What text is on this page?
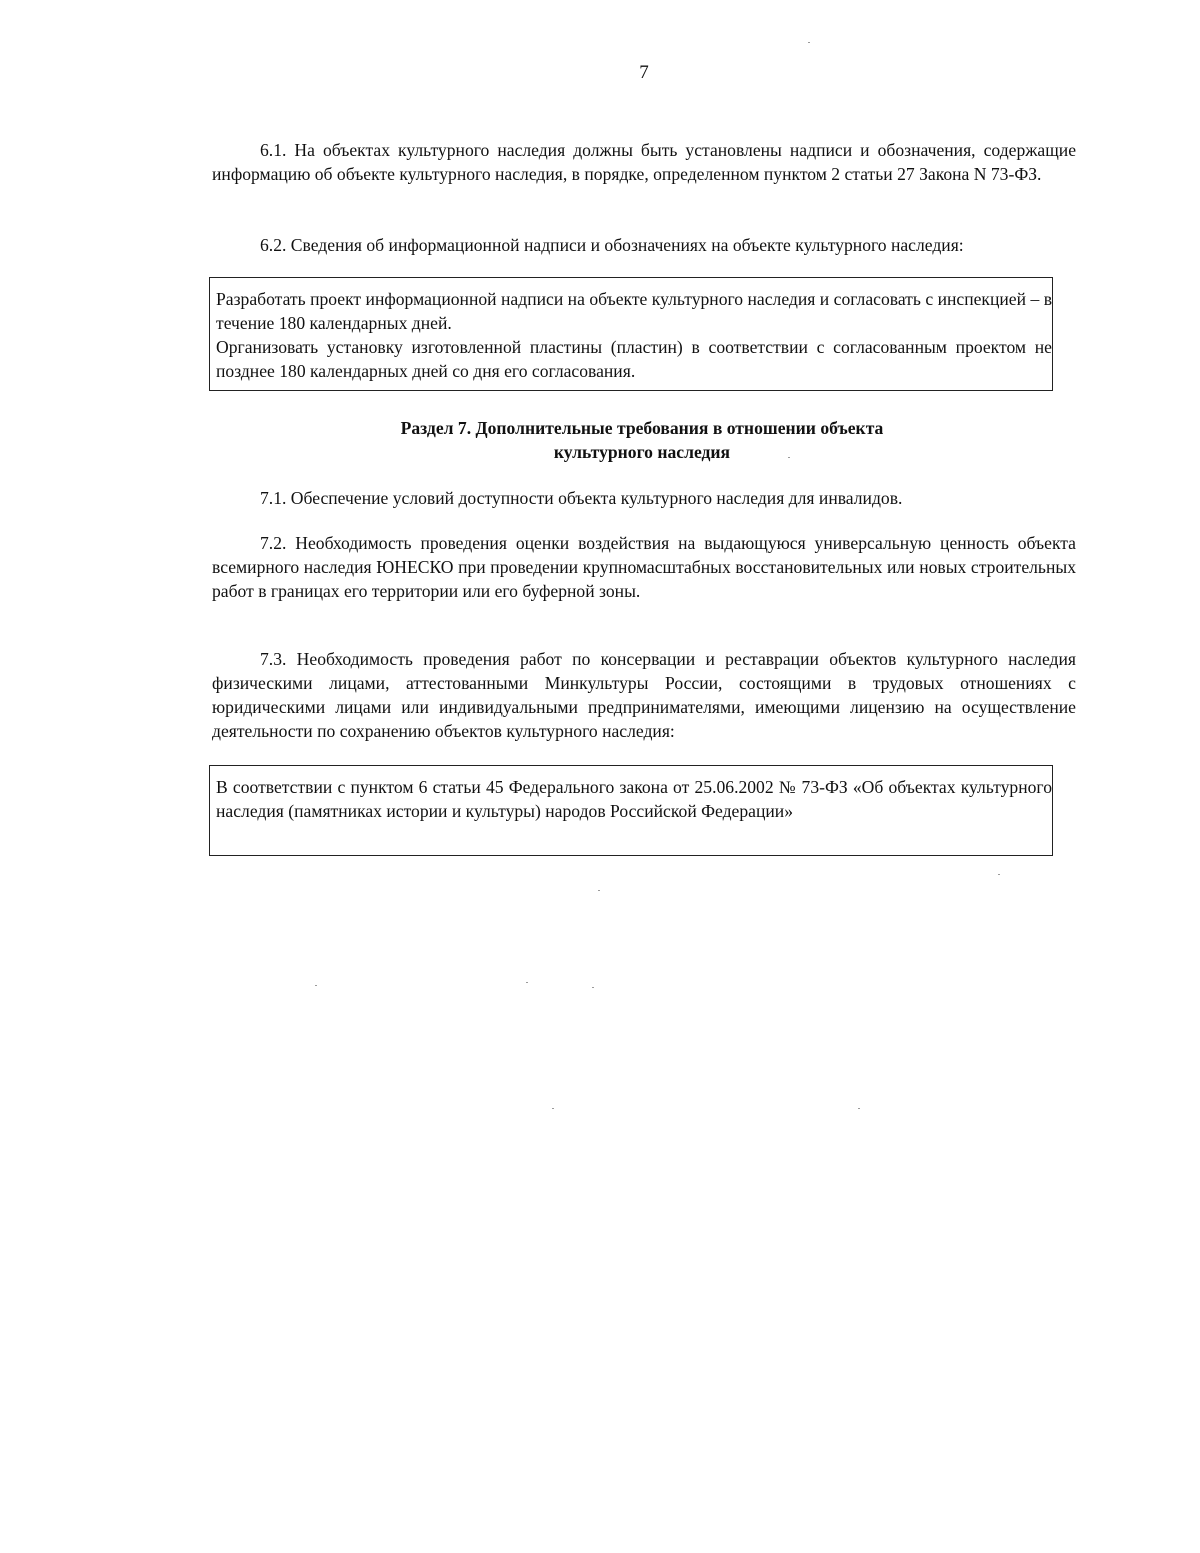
7

6.1. На объектах культурного наследия должны быть установлены надписи и обозначения, содержащие информацию об объекте культурного наследия, в порядке, определенном пунктом 2 статьи 27 Закона N 73-ФЗ.

6.2. Сведения об информационной надписи и обозначениях на объекте культурного наследия:

Разработать проект информационной надписи на объекте культурного наследия и согласовать с инспекцией – в течение 180 календарных дней.

Организовать установку изготовленной пластины (пластин) в соответствии с согласованным проектом не позднее 180 календарных дней со дня его согласования.

Раздел 7. Дополнительные требования в отношении объекта
культурного наследия

7.1. Обеспечение условий доступности объекта культурного наследия для инвалидов.

7.2. Необходимость проведения оценки воздействия на выдающуюся универсальную ценность объекта всемирного наследия ЮНЕСКО при проведении крупномасштабных восстановительных или новых строительных работ в границах его территории или его буферной зоны.

7.3. Необходимость проведения работ по консервации и реставрации объектов культурного наследия физическими лицами, аттестованными Минкультуры России, состоящими в трудовых отношениях с юридическими лицами или индивидуальными предпринимателями, имеющими лицензию на осуществление деятельности по сохранению объектов культурного наследия:

В соответствии с пунктом 6 статьи 45 Федерального закона от 25.06.2002 № 73-ФЗ «Об объектах культурного наследия (памятниках истории и культуры) народов Российской Федерации»
